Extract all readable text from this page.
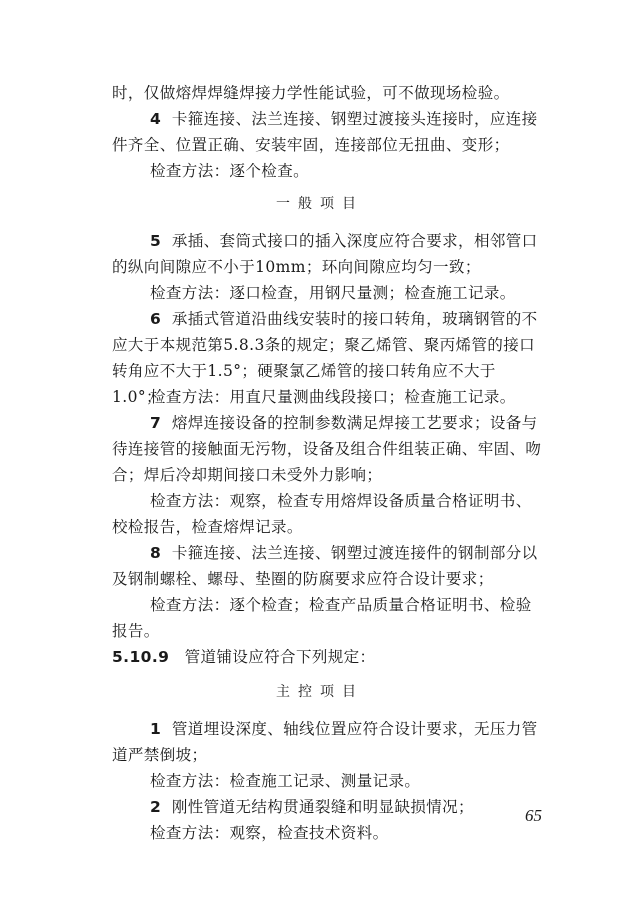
时，仅做熔焊焊缝焊接力学性能试验，可不做现场检验。

4 卡箍连接、法兰连接、钢塑过渡接头连接时，应连接件齐全、位置正确、安装牢固，连接部位无扭曲、变形；

检查方法：逐个检查。

一般项目

5 承插、套筒式接口的插入深度应符合要求，相邻管口的纵向间隙应不小于10mm；环向间隙应均匀一致；

检查方法：逐口检查，用钢尺量测；检查施工记录。

6 承插式管道沿曲线安装时的接口转角，玻璃钢管的不应大于本规范第5.8.3条的规定；聚乙烯管、聚丙烯管的接口转角应不大于1.5°；硬聚氯乙烯管的接口转角应不大于1.0°；

检查方法：用直尺量测曲线段接口；检查施工记录。

7 熔焊连接设备的控制参数满足焊接工艺要求；设备与待连接管的接触面无污物，设备及组合件组装正确、牢固、吻合；焊后冷却期间接口未受外力影响；

检查方法：观察，检查专用熔焊设备质量合格证明书、校检报告，检查熔焊记录。

8 卡箍连接、法兰连接、钢塑过渡连接件的钢制部分以及钢制螺栓、螺母、垫圈的防腐要求应符合设计要求；

检查方法：逐个检查；检查产品质量合格证明书、检验报告。

5.10.9 管道铺设应符合下列规定：

主控项目

1 管道埋设深度、轴线位置应符合设计要求，无压力管道严禁倒坡；

检查方法：检查施工记录、测量记录。

2 刚性管道无结构贯通裂缝和明显缺损情况；

检查方法：观察，检查技术资料。

65
